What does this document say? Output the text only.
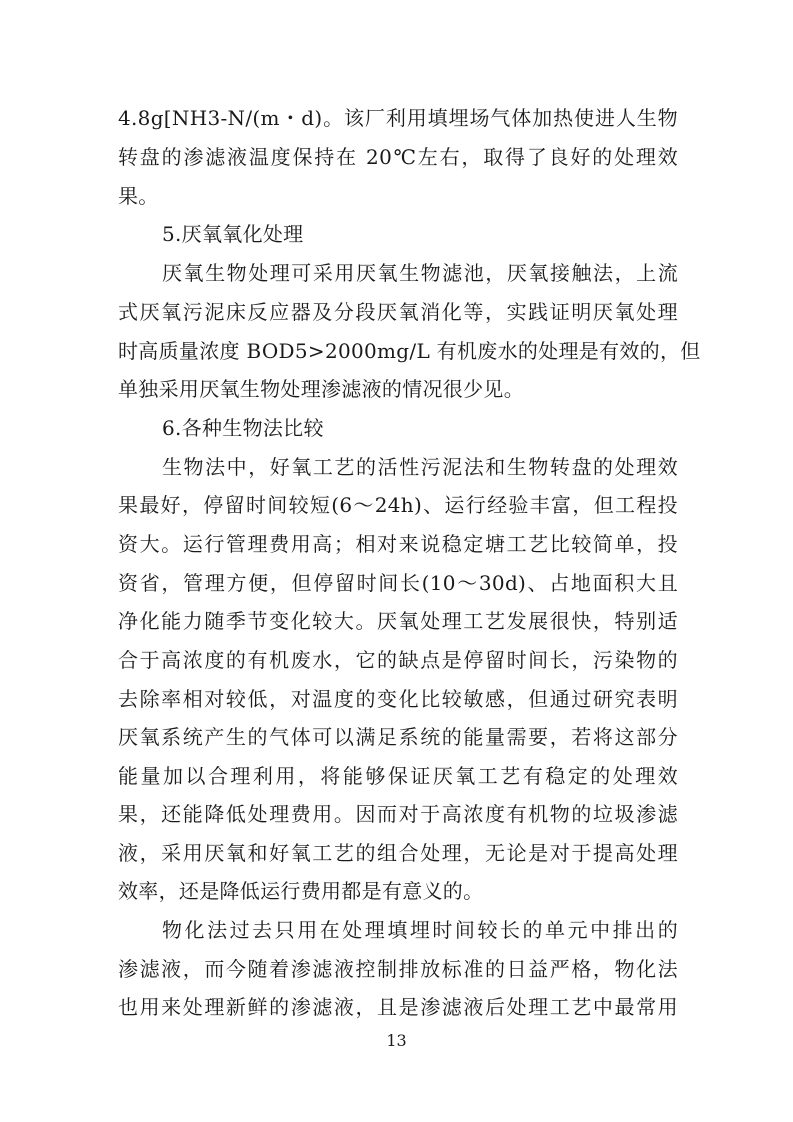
4.8g[NH3-N/(m・d)。该厂利用填埋场气体加热使进人生物
转盘的渗滤液温度保持在 20℃左右，取得了良好的处理效
果。
5.厌氧氧化处理
厌氧生物处理可采用厌氧生物滤池，厌氧接触法，上流
式厌氧污泥床反应器及分段厌氧消化等，实践证明厌氧处理
时高质量浓度 BOD5>2000mg/L 有机废水的处理是有效的，但
单独采用厌氧生物处理渗滤液的情况很少见。
6.各种生物法比较
生物法中，好氧工艺的活性污泥法和生物转盘的处理效
果最好，停留时间较短(6～24h)、运行经验丰富，但工程投
资大。运行管理费用高；相对来说稳定塘工艺比较简单，投
资省，管理方便，但停留时间长(10～30d)、占地面积大且
净化能力随季节变化较大。厌氧处理工艺发展很快，特别适
合于高浓度的有机废水，它的缺点是停留时间长，污染物的
去除率相对较低，对温度的变化比较敏感，但通过研究表明
厌氧系统产生的气体可以满足系统的能量需要，若将这部分
能量加以合理利用，将能够保证厌氧工艺有稳定的处理效
果，还能降低处理费用。因而对于高浓度有机物的垃圾渗滤
液，采用厌氧和好氧工艺的组合处理，无论是对于提高处理
效率，还是降低运行费用都是有意义的。
物化法过去只用在处理填埋时间较长的单元中排出的
渗滤液，而今随着渗滤液控制排放标准的日益严格，物化法
也用来处理新鲜的渗滤液，且是渗滤液后处理工艺中最常用
13
